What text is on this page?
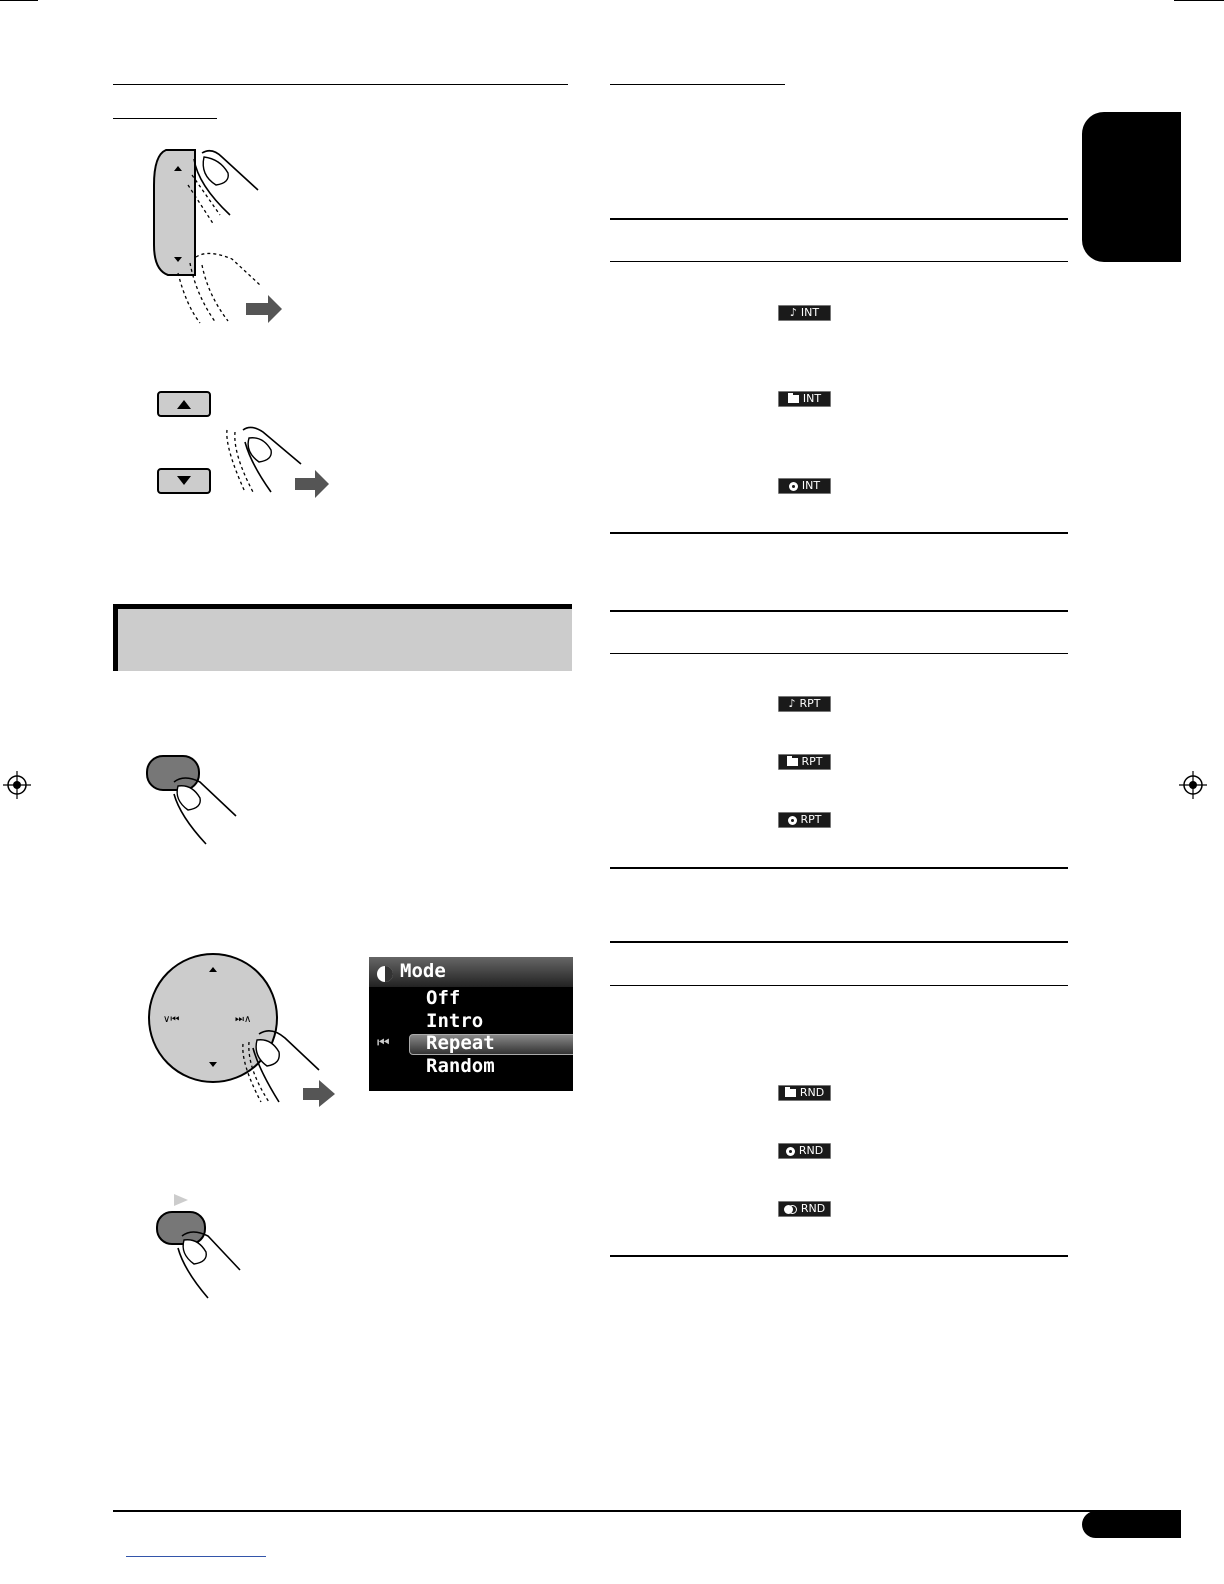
∨⏮	⏭∧
Mode
⏮
Off
Intro
Repeat
Random
♪ INT
INT
INT
♪ RPT
RPT
RPT
RND
RND
RND
